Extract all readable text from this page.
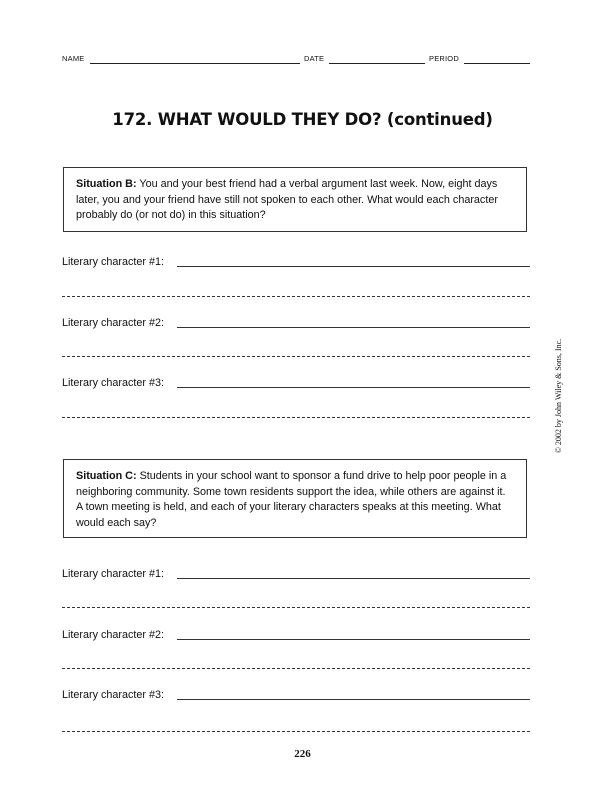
NAME	DATE	PERIOD
172. WHAT WOULD THEY DO? (continued)
Situation B: You and your best friend had a verbal argument last week. Now, eight days later, you and your friend have still not spoken to each other. What would each character probably do (or not do) in this situation?
Literary character #1:
Literary character #2:
Literary character #3:
Situation C: Students in your school want to sponsor a fund drive to help poor people in a neighboring community. Some town residents support the idea, while others are against it. A town meeting is held, and each of your literary characters speaks at this meeting. What would each say?
Literary character #1:
Literary character #2:
Literary character #3:
© 2002 by John Wiley & Sons, Inc.
226
